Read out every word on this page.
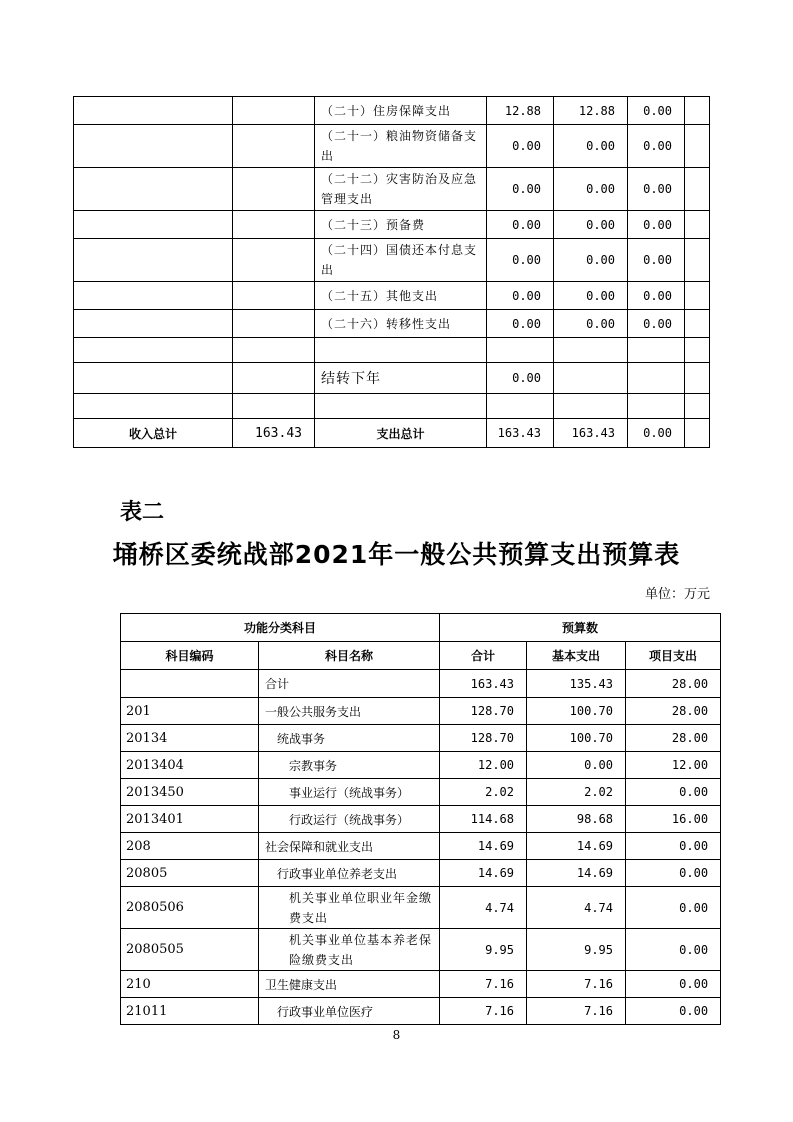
		（二十）住房保障支出	12.88	12.88	0.00	
		（二十一）粮油物资储备支出	0.00	0.00	0.00	
		（二十二）灾害防治及应急管理支出	0.00	0.00	0.00	
		（二十三）预备费	0.00	0.00	0.00	
		（二十四）国债还本付息支出	0.00	0.00	0.00	
		（二十五）其他支出	0.00	0.00	0.00	
		（二十六）转移性支出	0.00	0.00	0.00	

		结转下年	0.00			

收入总计	163.43	支出总计	163.43	163.43	0.00	
表二
埇桥区委统战部2021年一般公共预算支出预算表
单位：万元
功能分类科目		预算数		
科目编码	科目名称	合计	基本支出	项目支出
	合计	163.43	135.43	28.00
201	一般公共服务支出	128.70	100.70	28.00
20134	统战事务	128.70	100.70	28.00
2013404	宗教事务	12.00	0.00	12.00
2013450	事业运行（统战事务）	2.02	2.02	0.00
2013401	行政运行（统战事务）	114.68	98.68	16.00
208	社会保障和就业支出	14.69	14.69	0.00
20805	行政事业单位养老支出	14.69	14.69	0.00
2080506	机关事业单位职业年金缴费支出	4.74	4.74	0.00
2080505	机关事业单位基本养老保险缴费支出	9.95	9.95	0.00
210	卫生健康支出	7.16	7.16	0.00
21011	行政事业单位医疗	7.16	7.16	0.00
8
